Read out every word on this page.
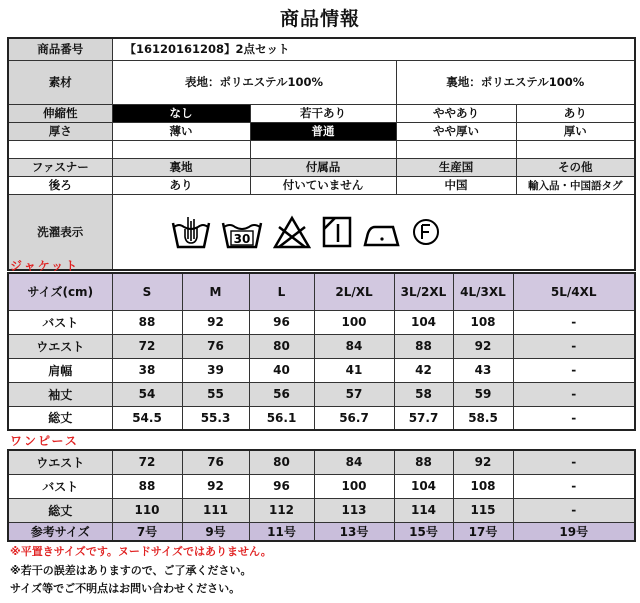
商品情報
商品番号	【16120161208】2点セット			
素材	表地：ポリエステル100%		裏地：ポリエステル100%	
伸縮性	なし	若干あり	ややあり	あり
厚さ	薄い	普通	やや厚い	厚い

ファスナー	裏地	付属品	生産国	その他
後ろ	あり	付いていません	中国	輸入品・中国語タグ
洗濯表示	30			
ジャケット
サイズ(cm)	S	M	L	2L/XL	3L/2XL	4L/3XL	5L/4XL
バスト	88	92	96	100	104	108	-
ウエスト	72	76	80	84	88	92	-
肩幅	38	39	40	41	42	43	-
袖丈	54	55	56	57	58	59	-
総丈	54.5	55.3	56.1	56.7	57.7	58.5	-
ワンピース
ウエスト	72	76	80	84	88	92	-
バスト	88	92	96	100	104	108	-
総丈	110	111	112	113	114	115	-
参考サイズ	7号	9号	11号	13号	15号	17号	19号
※平置きサイズです。ヌードサイズではありません。
※若干の誤差はありますので、ご了承ください。
サイズ等でご不明点はお問い合わせください。
